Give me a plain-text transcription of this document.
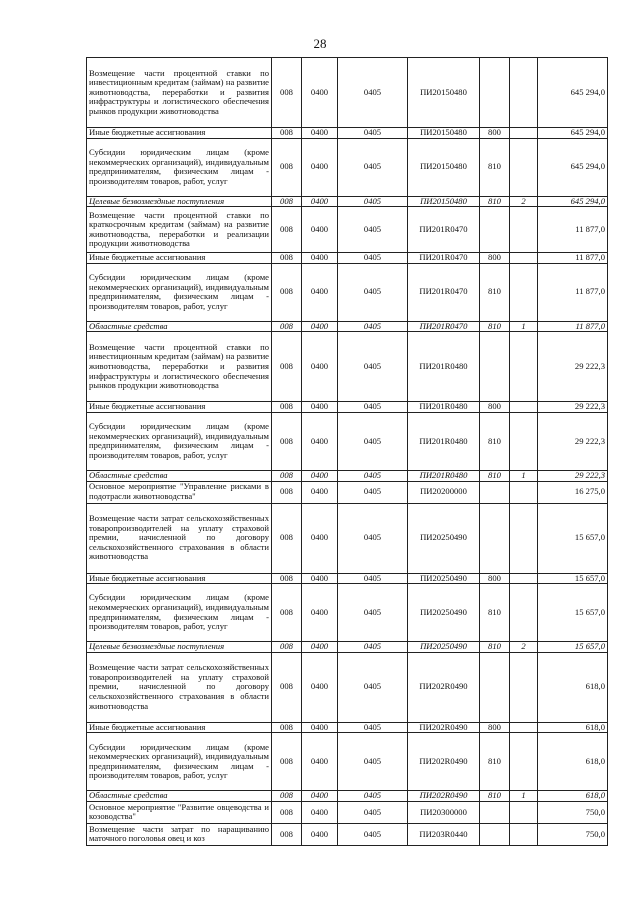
28
Возмещение части процентной ставки по инвестиционным кредитам (займам) на развитие животноводства, переработки и развития инфраструктуры и логистического обеспечения рынков продукции животноводства	008	0400	0405	ПИ20150480			645 294,0
Иные бюджетные ассигнования	008	0400	0405	ПИ20150480	800		645 294,0
Субсидии юридическим лицам (кроме некоммерческих организаций), индивидуальным предпринимателям, физическим лицам - производителям товаров, работ, услуг	008	0400	0405	ПИ20150480	810		645 294,0
Целевые безвозмездные поступления	008	0400	0405	ПИ20150480	810	2	645 294,0
Возмещение части процентной ставки по краткосрочным кредитам (займам) на развитие животноводства, переработки и реализации продукции животноводства	008	0400	0405	ПИ201R0470			11 877,0
Иные бюджетные ассигнования	008	0400	0405	ПИ201R0470	800		11 877,0
Субсидии юридическим лицам (кроме некоммерческих организаций), индивидуальным предпринимателям, физическим лицам - производителям товаров, работ, услуг	008	0400	0405	ПИ201R0470	810		11 877,0
Областные средства	008	0400	0405	ПИ201R0470	810	1	11 877,0
Возмещение части процентной ставки по инвестиционным кредитам (займам) на развитие животноводства, переработки и развития инфраструктуры и логистического обеспечения рынков продукции животноводства	008	0400	0405	ПИ201R0480			29 222,3
Иные бюджетные ассигнования	008	0400	0405	ПИ201R0480	800		29 222,3
Субсидии юридическим лицам (кроме некоммерческих организаций), индивидуальным предпринимателям, физическим лицам - производителям товаров, работ, услуг	008	0400	0405	ПИ201R0480	810		29 222,3
Областные средства	008	0400	0405	ПИ201R0480	810	1	29 222,3
Основное мероприятие "Управление рисками в подотрасли животноводства"	008	0400	0405	ПИ20200000			16 275,0
Возмещение части затрат сельскохозяйственных товаропроизводителей на уплату страховой премии, начисленной по договору сельскохозяйственного страхования в области животноводства	008	0400	0405	ПИ20250490			15 657,0
Иные бюджетные ассигнования	008	0400	0405	ПИ20250490	800		15 657,0
Субсидии юридическим лицам (кроме некоммерческих организаций), индивидуальным предпринимателям, физическим лицам - производителям товаров, работ, услуг	008	0400	0405	ПИ20250490	810		15 657,0
Целевые безвозмездные поступления	008	0400	0405	ПИ20250490	810	2	15 657,0
Возмещение части затрат сельскохозяйственных товаропроизводителей на уплату страховой премии, начисленной по договору сельскохозяйственного страхования в области животноводства	008	0400	0405	ПИ202R0490			618,0
Иные бюджетные ассигнования	008	0400	0405	ПИ202R0490	800		618,0
Субсидии юридическим лицам (кроме некоммерческих организаций), индивидуальным предпринимателям, физическим лицам - производителям товаров, работ, услуг	008	0400	0405	ПИ202R0490	810		618,0
Областные средства	008	0400	0405	ПИ202R0490	810	1	618,0
Основное мероприятие "Развитие овцеводства и козоводства"	008	0400	0405	ПИ20300000			750,0
Возмещение части затрат по наращиванию маточного поголовья овец и коз	008	0400	0405	ПИ203R0440			750,0
